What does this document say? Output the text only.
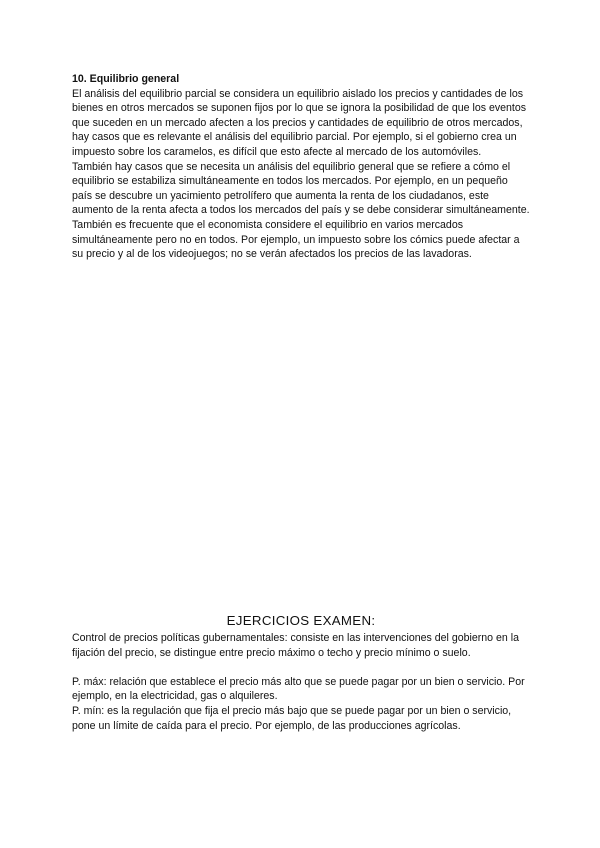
10. Equilibrio general

El análisis del equilibrio parcial se considera un equilibrio aislado los precios y cantidades de los bienes en otros mercados se suponen fijos por lo que se ignora la posibilidad de que los eventos que suceden en un mercado afecten a los precios y cantidades de equilibrio de otros mercados, hay casos que es relevante el análisis del equilibrio parcial. Por ejemplo, si el gobierno crea un impuesto sobre los caramelos, es difícil que esto afecte al mercado de los automóviles.

También hay casos que se necesita un análisis del equilibrio general que se refiere a cómo el equilibrio se estabiliza simultáneamente en todos los mercados. Por ejemplo, en un pequeño país se descubre un yacimiento petrolífero que aumenta la renta de los ciudadanos, este aumento de la renta afecta a todos los mercados del país y se debe considerar simultáneamente.

También es frecuente que el economista considere el equilibrio en varios mercados simultáneamente pero no en todos. Por ejemplo, un impuesto sobre los cómics puede afectar a su precio y al de los videojuegos; no se verán afectados los precios de las lavadoras.

EJERCICIOS EXAMEN:

Control de precios políticas gubernamentales: consiste en las intervenciones del gobierno en la fijación del precio, se distingue entre precio máximo o techo y precio mínimo o suelo.

P. máx: relación que establece el precio más alto que se puede pagar por un bien o servicio. Por ejemplo, en la electricidad, gas o alquileres.

P. mín: es la regulación que fija el precio más bajo que se puede pagar por un bien o servicio, pone un límite de caída para el precio. Por ejemplo, de las producciones agrícolas.
